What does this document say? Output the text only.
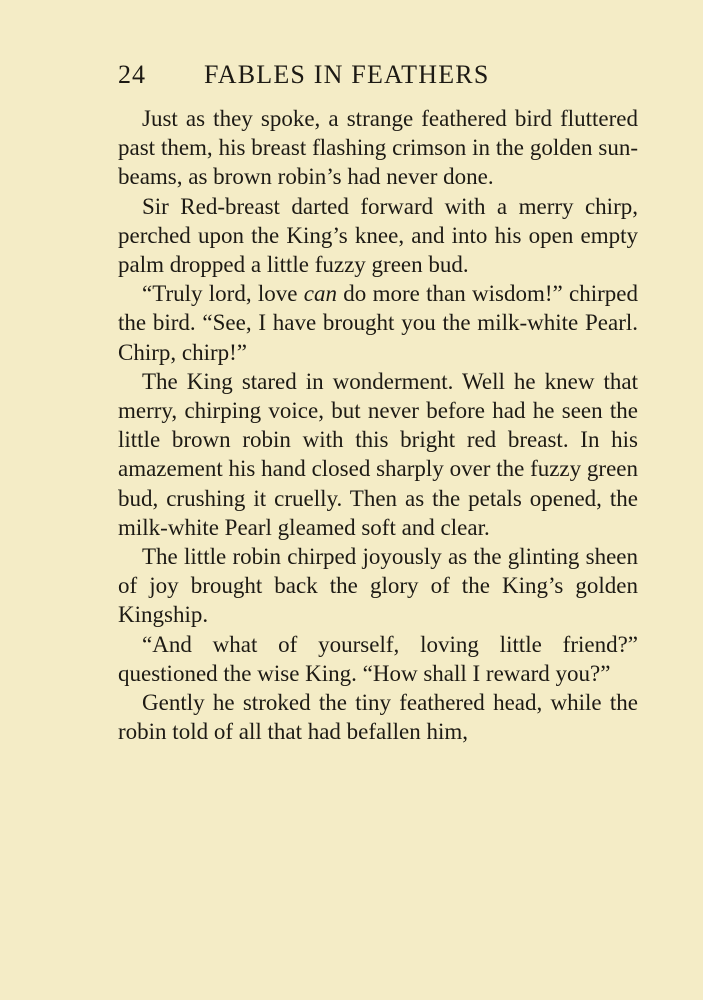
24 FABLES IN FEATHERS

Just as they spoke, a strange feathered bird fluttered past them, his breast flashing crimson in the golden sun-beams, as brown robin’s had never done.

Sir Red-breast darted forward with a merry chirp, perched upon the King’s knee, and into his open empty palm dropped a little fuzzy green bud.

“Truly lord, love can do more than wisdom!” chirped the bird. “See, I have brought you the milk-white Pearl. Chirp, chirp!”

The King stared in wonderment. Well he knew that merry, chirping voice, but never before had he seen the little brown robin with this bright red breast. In his amazement his hand closed sharply over the fuzzy green bud, crushing it cruelly. Then as the petals opened, the milk-white Pearl gleamed soft and clear.

The little robin chirped joyously as the glinting sheen of joy brought back the glory of the King’s golden Kingship.

“And what of yourself, loving little friend?” questioned the wise King. “How shall I reward you?”

Gently he stroked the tiny feathered head, while the robin told of all that had befallen him,
